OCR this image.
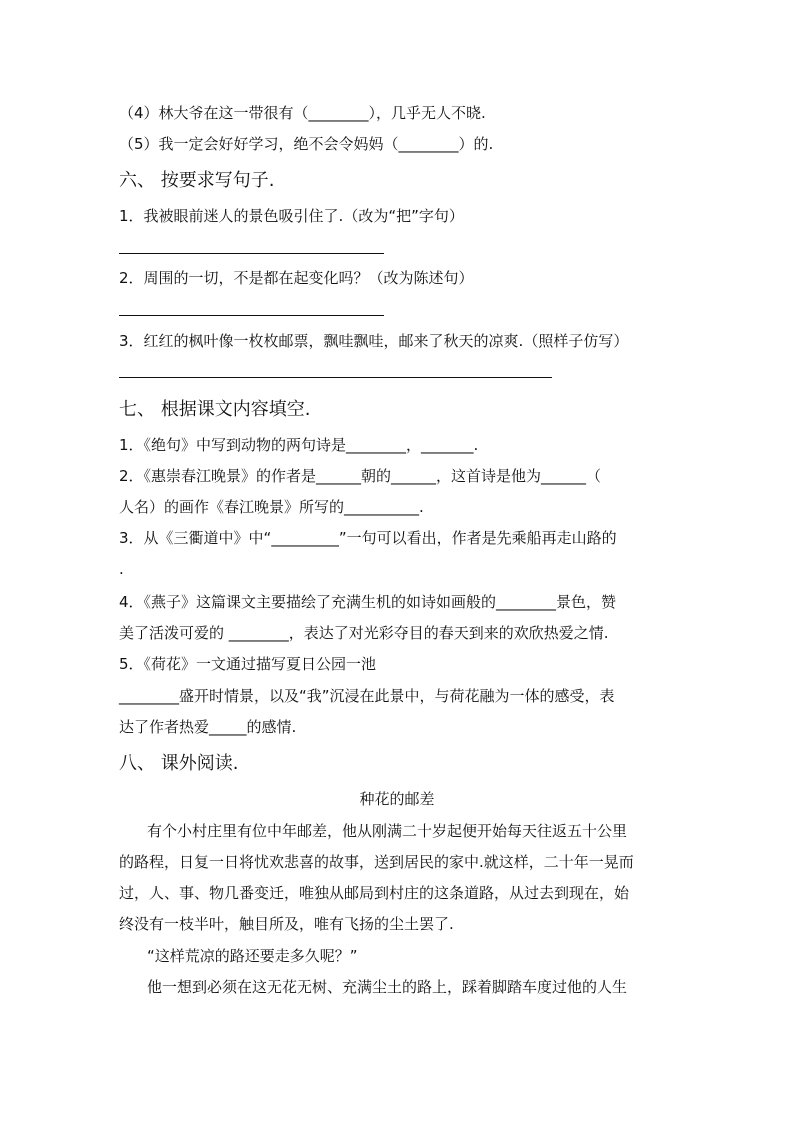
（4）林大爷在这一带很有（________），几乎无人不晓.
（5）我一定会好好学习，绝不会令妈妈（________）的.
六、 按要求写句子.
1．我被眼前迷人的景色吸引住了.（改为“把”字句）
2．周围的一切，不是都在起变化吗？（改为陈述句）
3．红红的枫叶像一枚枚邮票，飘哇飘哇，邮来了秋天的凉爽.（照样子仿写）
七、 根据课文内容填空.
1．《绝句》中写到动物的两句诗是________，_______.
2．《惠崇春江晚景》的作者是______朝的______，这首诗是他为______（
人名）的画作《春江晚景》所写的__________.
3．从《三衢道中》中“_________”一句可以看出，作者是先乘船再走山路的
.
4．《燕子》这篇课文主要描绘了充满生机的如诗如画般的________景色，赞
美了活泼可爱的 ________，表达了对光彩夺目的春天到来的欢欣热爱之情.
5．《荷花》一文通过描写夏日公园一池
________盛开时情景，以及“我”沉浸在此景中，与荷花融为一体的感受，表
达了作者热爱_____的感情.
八、 课外阅读.
种花的邮差
有个小村庄里有位中年邮差，他从刚满二十岁起便开始每天往返五十公里
的路程，日复一日将忧欢悲喜的故事，送到居民的家中.就这样，二十年一晃而
过，人、事、物几番变迁，唯独从邮局到村庄的这条道路，从过去到现在，始
终没有一枝半叶，触目所及，唯有飞扬的尘土罢了.
“这样荒凉的路还要走多久呢？”
他一想到必须在这无花无树、充满尘土的路上，踩着脚踏车度过他的人生
